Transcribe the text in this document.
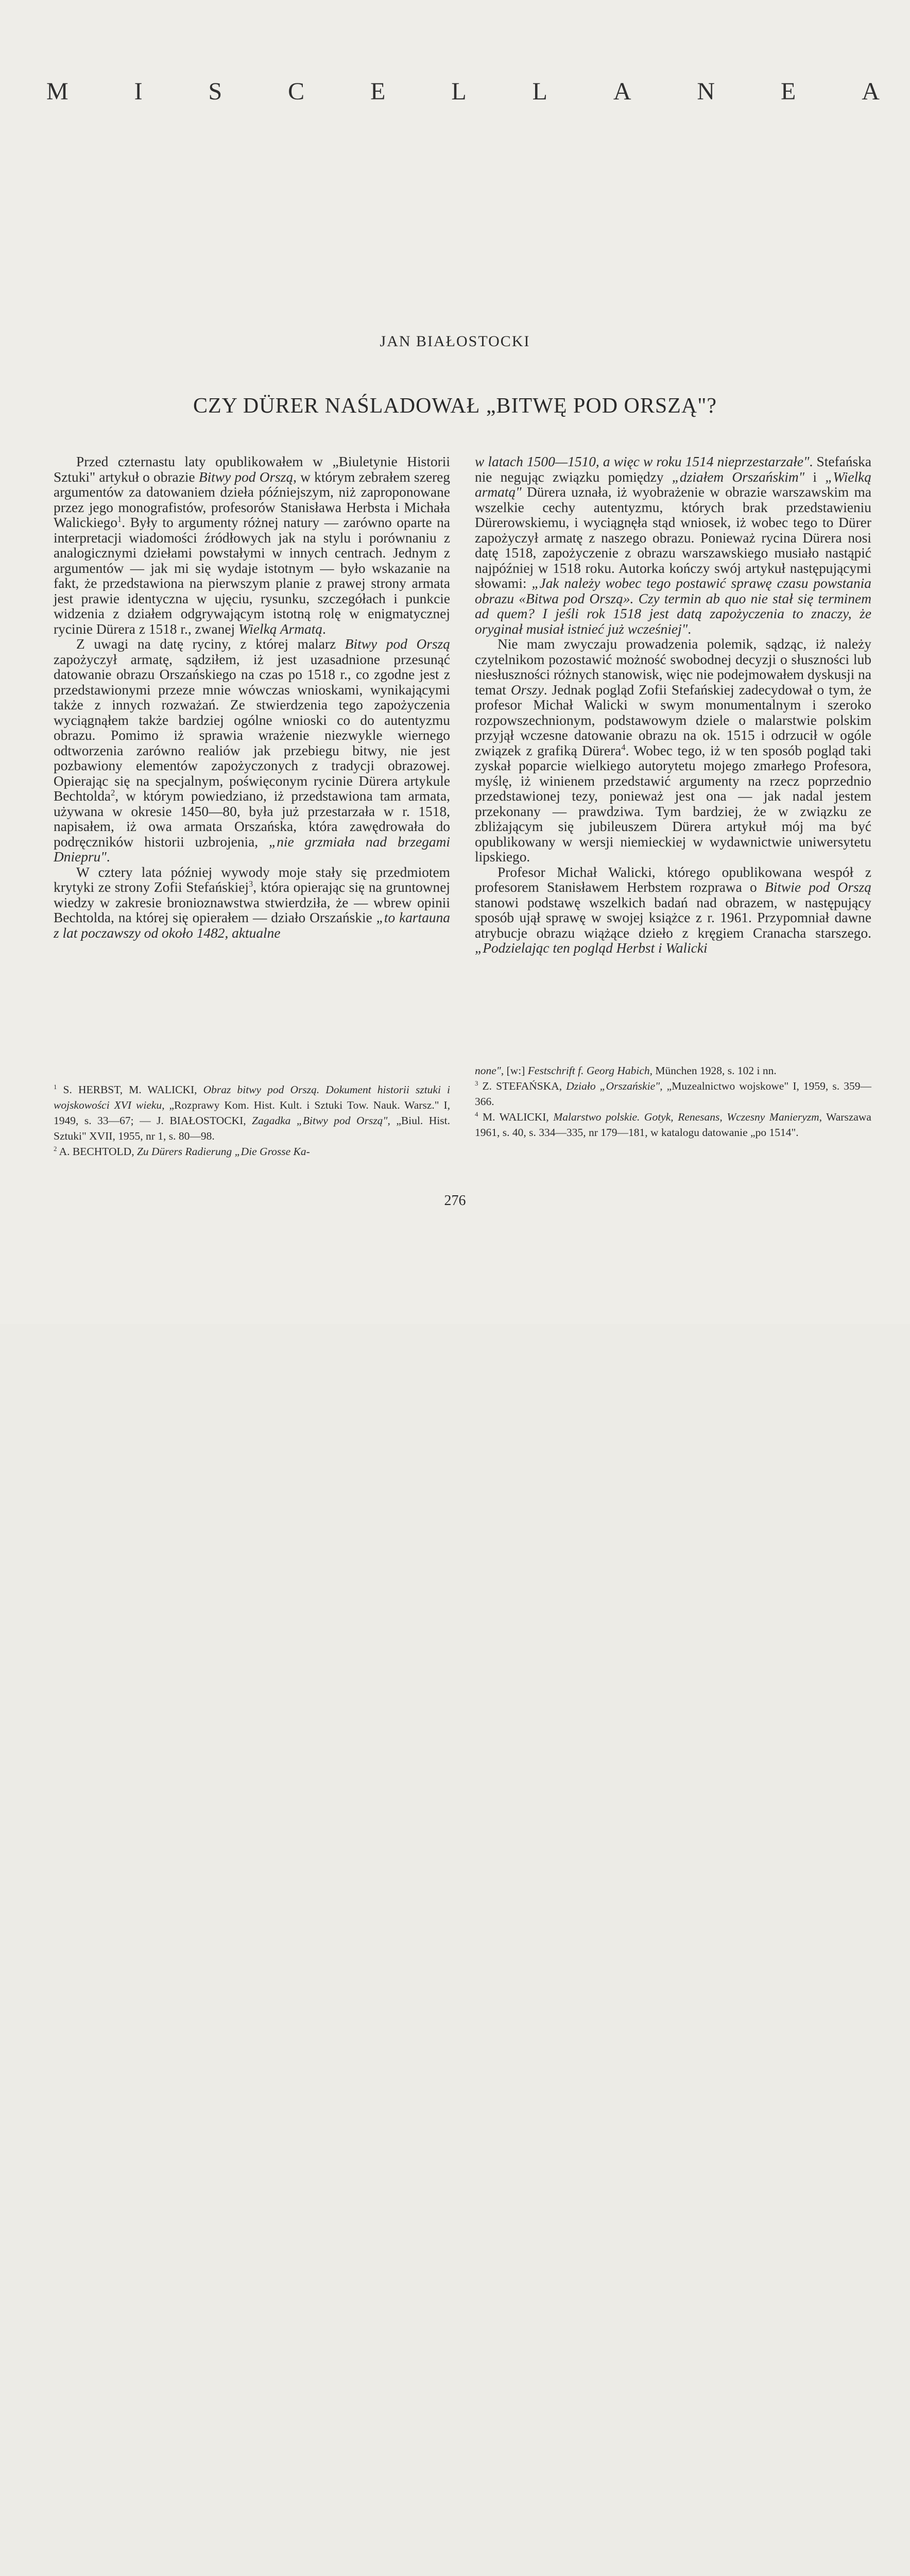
M	I	S	C	E	L	L	A	N	E	A
JAN BIAŁOSTOCKI
CZY DÜRER NAŚLADOWAŁ „BITWĘ POD ORSZĄ"?

Przed czternastu laty opublikowałem w „Biuletynie Historii Sztuki" artykuł o obrazie Bitwy pod Orszą, w którym zebrałem szereg argumentów za datowaniem dzieła późniejszym, niż zaproponowane przez jego monografistów, profesorów Stanisława Herbsta i Michała Walickiego$^1$. Były to argumenty różnej natury — zarówno oparte na interpretacji wiadomości źródłowych jak na stylu i porównaniu z analogicznymi dziełami powstałymi w innych centrach. Jednym z argumentów — jak mi się wydaje istotnym — było wskazanie na fakt, że przedstawiona na pierwszym planie z prawej strony armata jest prawie identyczna w ujęciu, rysunku, szczegółach i punkcie widzenia z działem odgrywającym istotną rolę w enigmatycznej rycinie Dürera z 1518 r., zwanej Wielką Armatą.

Z uwagi na datę ryciny, z której malarz Bitwy pod Orszą zapożyczył armatę, sądziłem, iż jest uzasadnione przesunąć datowanie obrazu Orszańskiego na czas po 1518 r., co zgodne jest z przedstawionymi przeze mnie wówczas wnioskami, wynikającymi także z innych rozważań. Ze stwierdzenia tego zapożyczenia wyciągnąłem także bardziej ogólne wnioski co do autentyzmu obrazu. Pomimo iż sprawia wrażenie niezwykle wiernego odtworzenia zarówno realiów jak przebiegu bitwy, nie jest pozbawiony elementów zapożyczonych z tradycji obrazowej. Opierając się na specjalnym, poświęconym rycinie Dürera artykule Bechtolda$^2$, w którym powiedziano, iż przedstawiona tam armata, używana w okresie 1450—80, była już przestarzała w r. 1518, napisałem, iż owa armata Orszańska, która zawędrowała do podręczników historii uzbrojenia, „nie grzmiała nad brzegami Dniepru".

W cztery lata później wywody moje stały się przedmiotem krytyki ze strony Zofii Stefańskiej$^3$, która opierając się na gruntownej wiedzy w zakresie bronioznawstwa stwierdziła, że — wbrew opinii Bechtolda, na której się opierałem — działo Orszańskie „to kartauna z lat poczawszy od około 1482, aktualne

w latach 1500—1510, a więc w roku 1514 nieprzestarzałe". Stefańska nie negując związku pomiędzy „działem Orszańskim" i „Wielką armatą" Dürera uznała, iż wyobrażenie w obrazie warszawskim ma wszelkie cechy autentyzmu, których brak przedstawieniu Dürerowskiemu, i wyciągnęła stąd wniosek, iż wobec tego to Dürer zapożyczył armatę z naszego obrazu. Ponieważ rycina Dürera nosi datę 1518, zapożyczenie z obrazu warszawskiego musiało nastąpić najpóźniej w 1518 roku. Autorka kończy swój artykuł następującymi słowami: „Jak należy wobec tego postawić sprawę czasu powstania obrazu «Bitwa pod Orszą». Czy termin ab quo nie stał się terminem ad quem? I jeśli rok 1518 jest datą zapożyczenia to znaczy, że oryginał musiał istnieć już wcześniej".

Nie mam zwyczaju prowadzenia polemik, sądząc, iż należy czytelnikom pozostawić możność swobodnej decyzji o słuszności lub niesłuszności różnych stanowisk, więc nie podejmowałem dyskusji na temat Orszy. Jednak pogląd Zofii Stefańskiej zadecydował o tym, że profesor Michał Walicki w swym monumentalnym i szeroko rozpowszechnionym, podstawowym dziele o malarstwie polskim przyjął wczesne datowanie obrazu na ok. 1515 i odrzucił w ogóle związek z grafiką Dürera$^4$. Wobec tego, iż w ten sposób pogląd taki zyskał poparcie wielkiego autorytetu mojego zmarłego Profesora, myślę, iż winienem przedstawić argumenty na rzecz poprzednio przedstawionej tezy, ponieważ jest ona — jak nadal jestem przekonany — prawdziwa. Tym bardziej, że w związku ze zbliżającym się jubileuszem Dürera artykuł mój ma być opublikowany w wersji niemieckiej w wydawnictwie uniwersytetu lipskiego.

Profesor Michał Walicki, którego opublikowana wespół z profesorem Stanisławem Herbstem rozprawa o Bitwie pod Orszą stanowi podstawę wszelkich badań nad obrazem, w następujący sposób ujął sprawę w swojej książce z r. 1961. Przypomniał dawne atrybucje obrazu wiążące dzieło z kręgiem Cranacha starszego. „Podzielając ten pogląd Herbst i Walicki

$^1$ S. HERBST, M. WALICKI, Obraz bitwy pod Orszą. Dokument historii sztuki i wojskowości XVI wieku, „Rozprawy Kom. Hist. Kult. i Sztuki Tow. Nauk. Warsz." I, 1949, s. 33—67; — J. BIAŁOSTOCKI, Zagadka „Bitwy pod Orszą", „Biul. Hist. Sztuki" XVII, 1955, nr 1, s. 80—98.

$^2$ A. BECHTOLD, Zu Dürers Radierung „Die Grosse Ka-

none", [w:] Festschrift f. Georg Habich, München 1928, s. 102 i nn.

$^3$ Z. STEFAŃSKA, Działo „Orszańskie", „Muzealnictwo wojskowe" I, 1959, s. 359—366.

$^4$ M. WALICKI, Malarstwo polskie. Gotyk, Renesans, Wczesny Manieryzm, Warszawa 1961, s. 40, s. 334—335, nr 179—181, w katalogu datowanie „po 1514".

276
